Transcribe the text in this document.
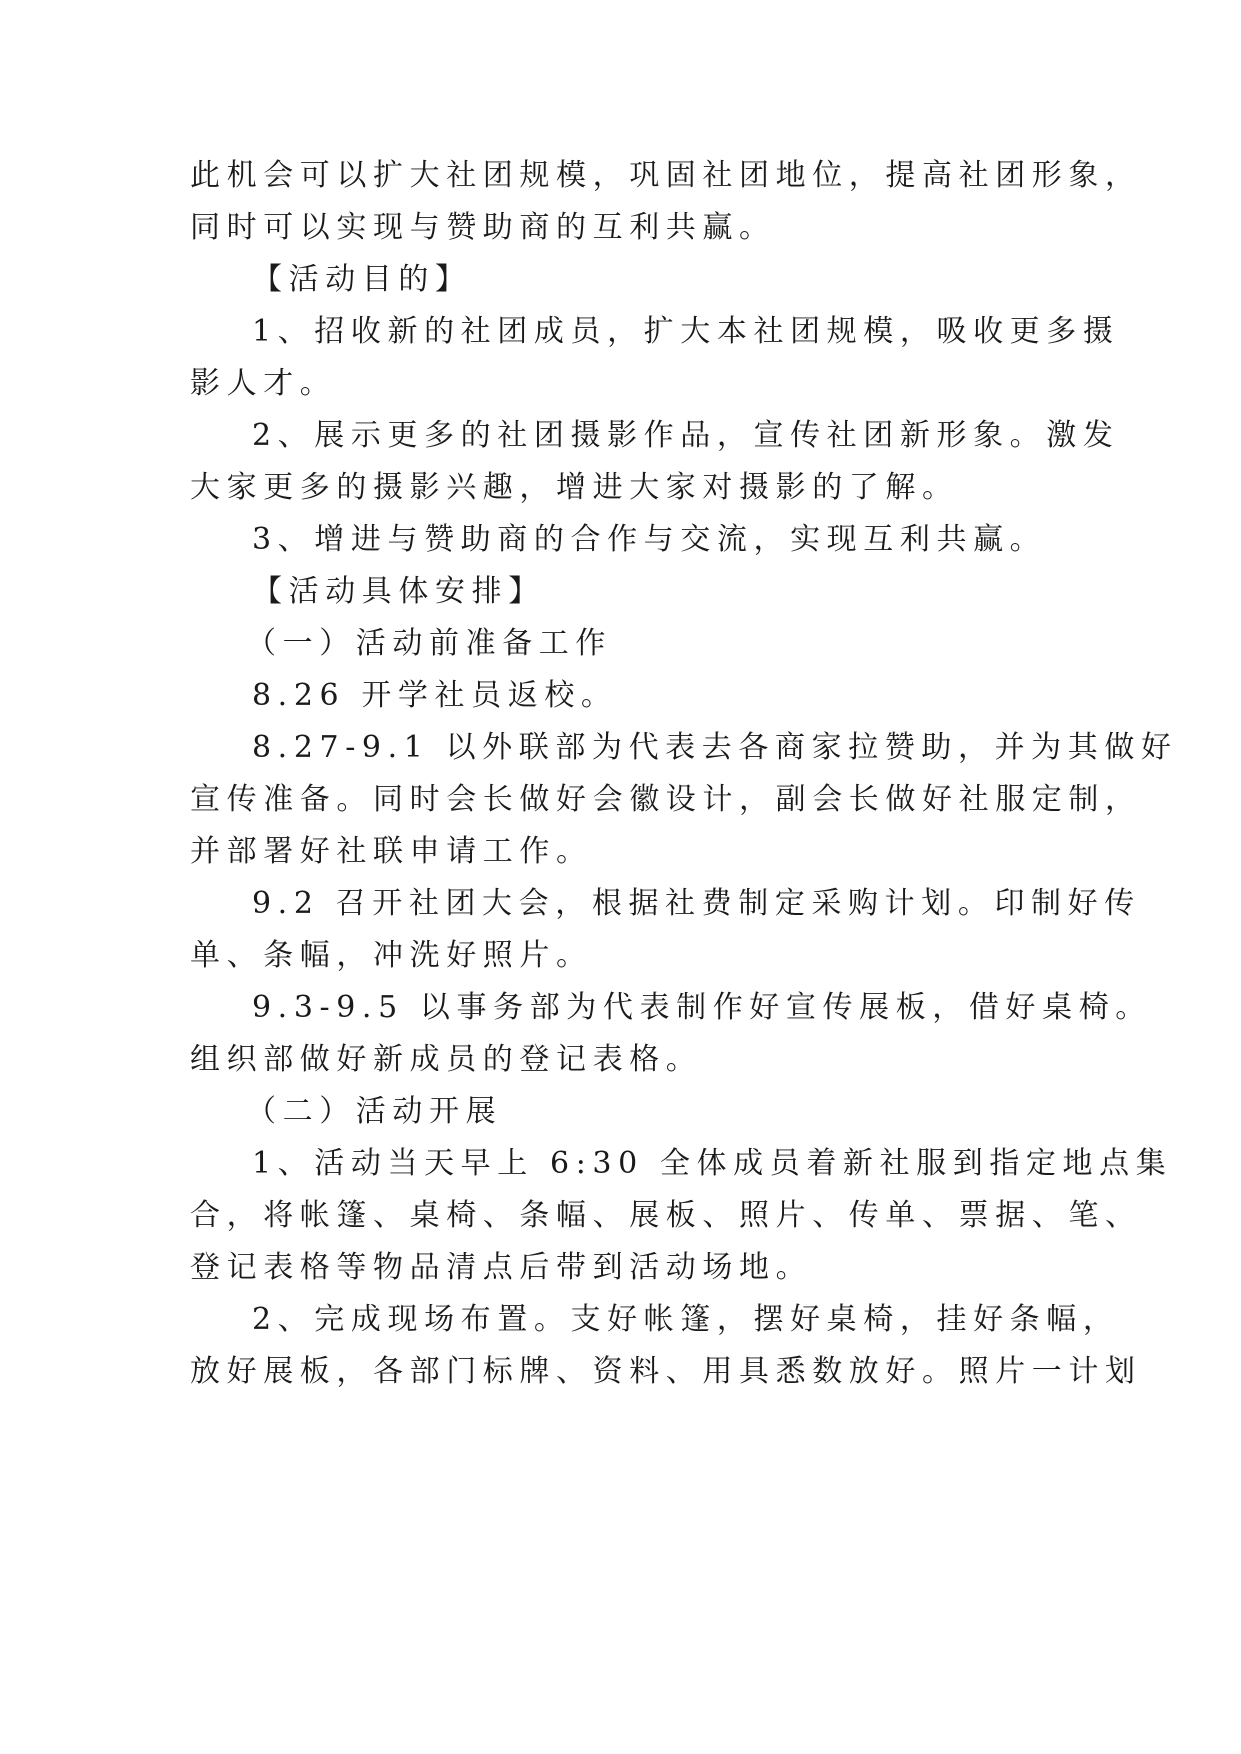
此机会可以扩大社团规模，巩固社团地位，提高社团形象，
同时可以实现与赞助商的互利共赢。
【活动目的】
1、招收新的社团成员，扩大本社团规模，吸收更多摄
影人才。
2、展示更多的社团摄影作品，宣传社团新形象。激发
大家更多的摄影兴趣，增进大家对摄影的了解。
3、增进与赞助商的合作与交流，实现互利共赢。
【活动具体安排】
（一）活动前准备工作
8.26 开学社员返校。
8.27-9.1 以外联部为代表去各商家拉赞助，并为其做好
宣传准备。同时会长做好会徽设计，副会长做好社服定制，
并部署好社联申请工作。
9.2 召开社团大会，根据社费制定采购计划。印制好传
单、条幅，冲洗好照片。
9.3-9.5 以事务部为代表制作好宣传展板，借好桌椅。
组织部做好新成员的登记表格。
（二）活动开展
1、活动当天早上 6:30 全体成员着新社服到指定地点集
合，将帐篷、桌椅、条幅、展板、照片、传单、票据、笔、
登记表格等物品清点后带到活动场地。
2、完成现场布置。支好帐篷，摆好桌椅，挂好条幅，
放好展板，各部门标牌、资料、用具悉数放好。照片一计划
